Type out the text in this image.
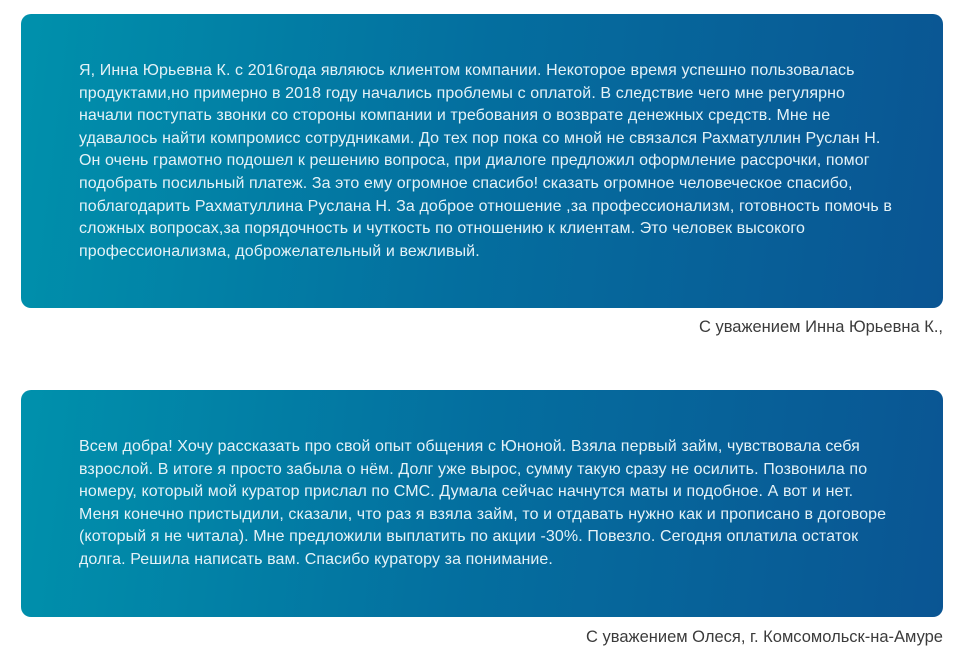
Я, Инна Юрьевна К. с 2016года являюсь клиентом компании. Некоторое время успешно пользовалась продуктами,но примерно в 2018 году начались проблемы с оплатой. В следствие чего мне регулярно начали поступать звонки со стороны компании и требования о возврате денежных средств. Мне не удавалось найти компромисс сотрудниками. До тех пор пока со мной не связался Рахматуллин Руслан Н. Он очень грамотно подошел к решению вопроса, при диалоге предложил оформление рассрочки, помог подобрать посильный платеж. За это ему огромное спасибо! сказать огромное человеческое спасибо, поблагодарить Рахматуллина Руслана Н. За доброе отношение ,за профессионализм, готовность помочь в сложных вопросах,за порядочность и чуткость по отношению к клиентам. Это человек высокого профессионализма, доброжелательный и вежливый.

С уважением Инна Юрьевна К.,

Всем добра! Хочу рассказать про свой опыт общения с Юноной. Взяла первый займ, чувствовала себя взрослой. В итоге я просто забыла о нём. Долг уже вырос, сумму такую сразу не осилить. Позвонила по номеру, который мой куратор прислал по СМС. Думала сейчас начнутся маты и подобное. А вот и нет. Меня конечно пристыдили, сказали, что раз я взяла займ, то и отдавать нужно как и прописано в договоре (который я не читала). Мне предложили выплатить по акции -30%. Повезло. Сегодня оплатила остаток долга. Решила написать вам. Спасибо куратору за понимание.

С уважением Олеся, г. Комсомольск-на-Амуре
